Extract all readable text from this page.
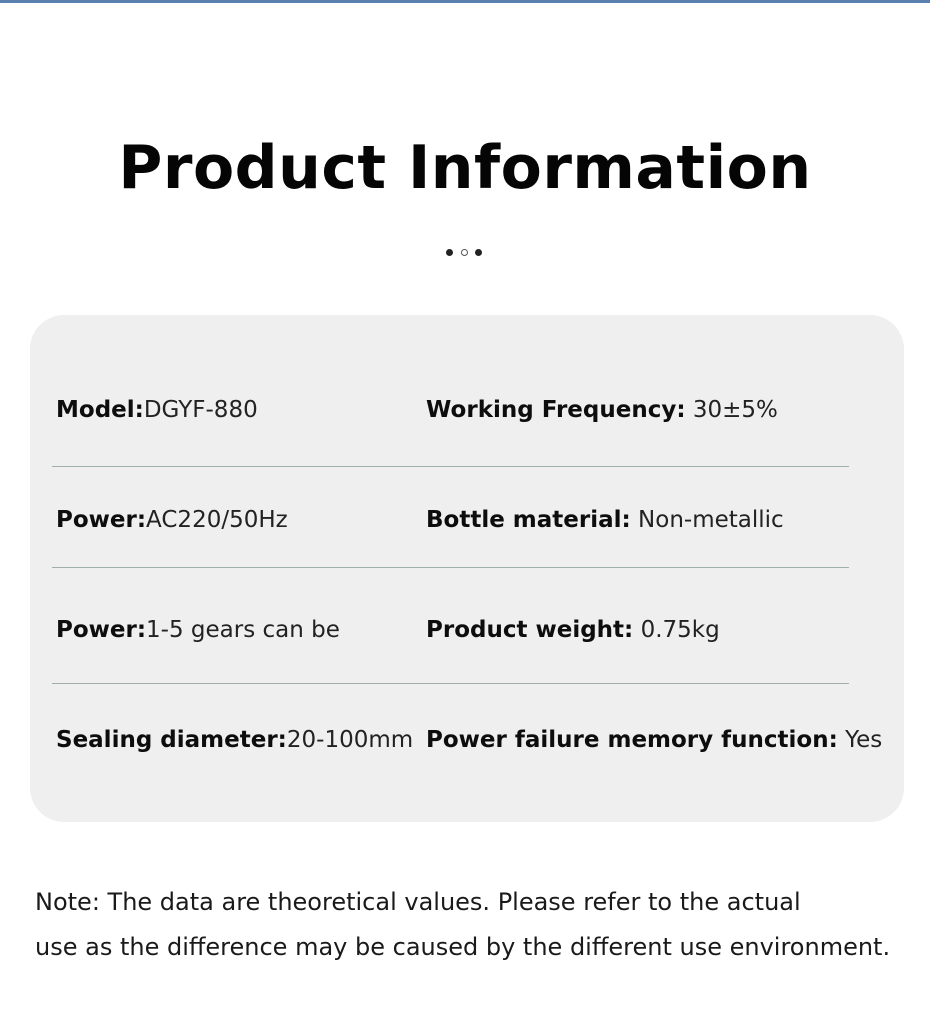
Product Information
Model:DGYF-880	Working Frequency: 30±5%
Power:AC220/50Hz	Bottle material: Non-metallic
Power:1-5 gears can be	Product weight: 0.75kg
Sealing diameter:20-100mm Power failure memory function: Yes

Note: The data are theoretical values. Please refer to the actual
use as the difference may be caused by the different use environment.
